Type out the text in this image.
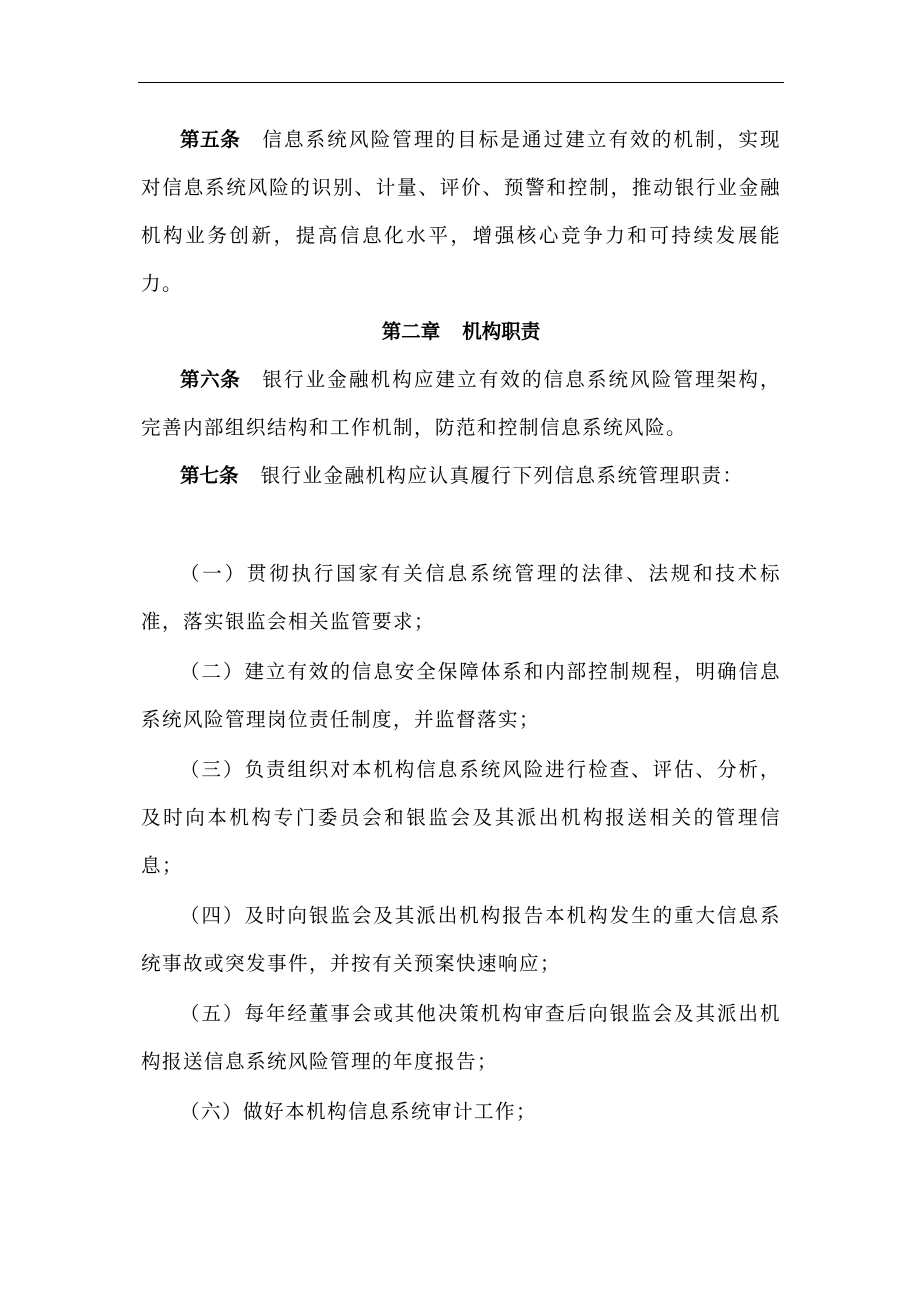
第五条 信息系统风险管理的目标是通过建立有效的机制，实现对信息系统风险的识别、计量、评价、预警和控制，推动银行业金融机构业务创新，提高信息化水平，增强核心竞争力和可持续发展能力。

第二章 机构职责

第六条 银行业金融机构应建立有效的信息系统风险管理架构，完善内部组织结构和工作机制，防范和控制信息系统风险。

第七条 银行业金融机构应认真履行下列信息系统管理职责：

（一）贯彻执行国家有关信息系统管理的法律、法规和技术标准，落实银监会相关监管要求；

（二）建立有效的信息安全保障体系和内部控制规程，明确信息系统风险管理岗位责任制度，并监督落实；

（三）负责组织对本机构信息系统风险进行检查、评估、分析，及时向本机构专门委员会和银监会及其派出机构报送相关的管理信息；

（四）及时向银监会及其派出机构报告本机构发生的重大信息系统事故或突发事件，并按有关预案快速响应；

（五）每年经董事会或其他决策机构审查后向银监会及其派出机构报送信息系统风险管理的年度报告；

（六）做好本机构信息系统审计工作；
